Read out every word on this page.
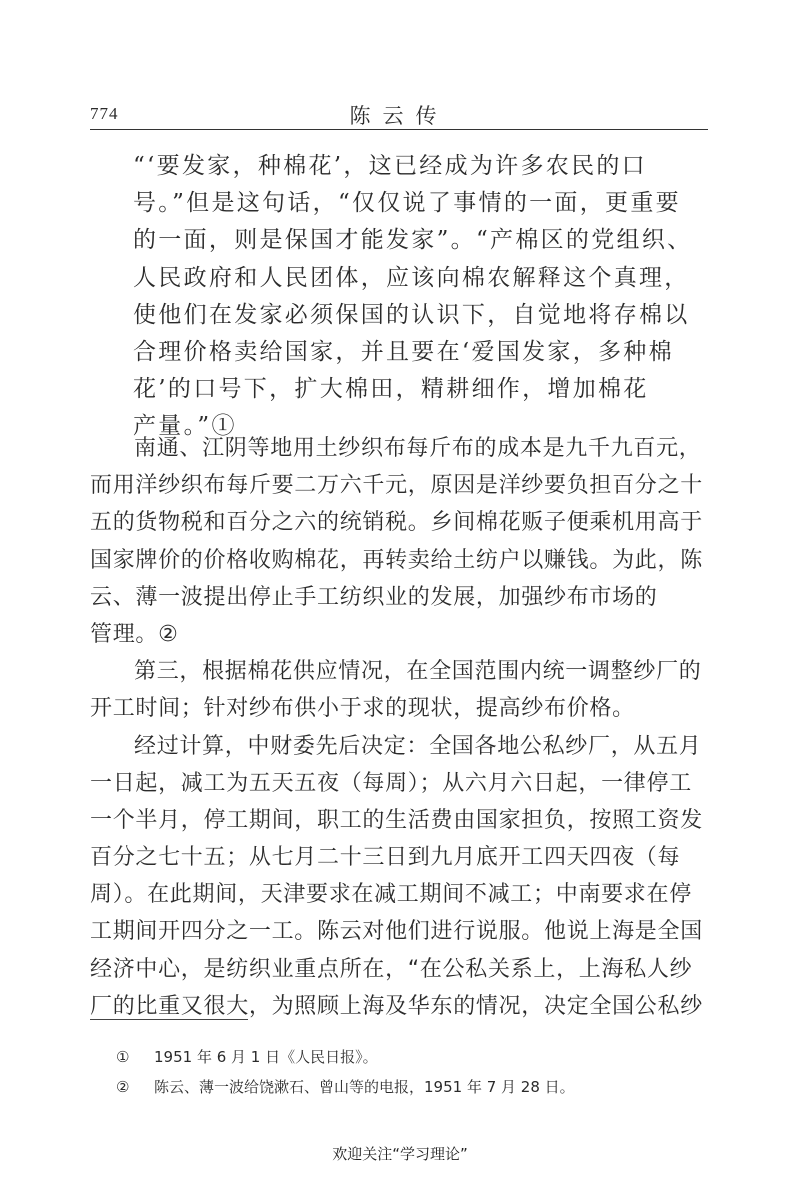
774	陈云传
“‘要发家，种棉花’，这已经成为许多农民的口
号。”但是这句话，“仅仅说了事情的一面，更重要
的一面，则是保国才能发家”。“产棉区的党组织、
人民政府和人民团体，应该向棉农解释这个真理，
使他们在发家必须保国的认识下，自觉地将存棉以
合理价格卖给国家，并且要在‘爱国发家，多种棉
花’的口号下，扩大棉田，精耕细作，增加棉花
产量。”①
南通、江阴等地用土纱织布每斤布的成本是九千九百元，
而用洋纱织布每斤要二万六千元，原因是洋纱要负担百分之十
五的货物税和百分之六的统销税。乡间棉花贩子便乘机用高于
国家牌价的价格收购棉花，再转卖给土纺户以赚钱。为此，陈
云、薄一波提出停止手工纺织业的发展，加强纱布市场的
管理。②
第三，根据棉花供应情况，在全国范围内统一调整纱厂的
开工时间；针对纱布供小于求的现状，提高纱布价格。
经过计算，中财委先后决定：全国各地公私纱厂，从五月
一日起，减工为五天五夜（每周）；从六月六日起，一律停工
一个半月，停工期间，职工的生活费由国家担负，按照工资发
百分之七十五；从七月二十三日到九月底开工四天四夜（每
周）。在此期间，天津要求在减工期间不减工；中南要求在停
工期间开四分之一工。陈云对他们进行说服。他说上海是全国
经济中心，是纺织业重点所在，“在公私关系上，上海私人纱
厂的比重又很大，为照顾上海及华东的情况，决定全国公私纱
① 1951 年 6 月 1 日《人民日报》。
② 陈云、薄一波给饶漱石、曾山等的电报，1951 年 7 月 28 日。
欢迎关注“学习理论”
